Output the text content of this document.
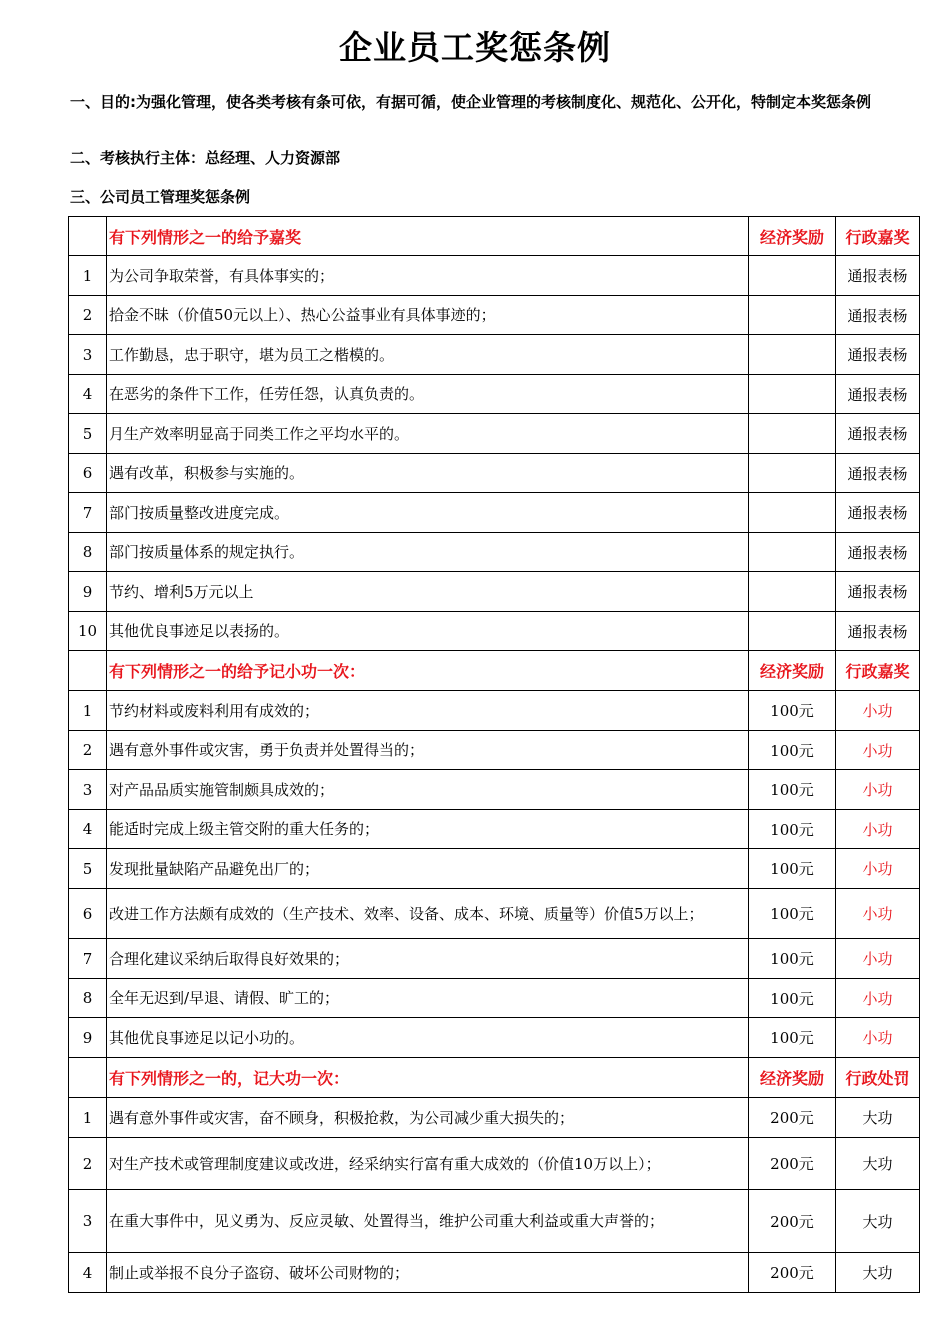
企业员工奖惩条例
一、目的:为强化管理，使各类考核有条可依，有据可循，使企业管理的考核制度化、规范化、公开化，特制定本奖惩条例
二、考核执行主体：总经理、人力资源部
三、公司员工管理奖惩条例
	有下列情形之一的给予嘉奖	经济奖励	行政嘉奖
1	为公司争取荣誉，有具体事实的；		通报表杨
2	拾金不昧（价值50元以上）、热心公益事业有具体事迹的；		通报表杨
3	工作勤恳，忠于职守，堪为员工之楷模的。		通报表杨
4	在恶劣的条件下工作，任劳任怨，认真负责的。		通报表杨
5	月生产效率明显高于同类工作之平均水平的。		通报表杨
6	遇有改革，积极参与实施的。		通报表杨
7	部门按质量整改进度完成。		通报表杨
8	部门按质量体系的规定执行。		通报表杨
9	节约、增利5万元以上		通报表杨
10	其他优良事迹足以表扬的。		通报表杨
	有下列情形之一的给予记小功一次：	经济奖励	行政嘉奖
1	节约材料或废料利用有成效的；	100元	小功
2	遇有意外事件或灾害，勇于负责并处置得当的；	100元	小功
3	对产品品质实施管制颇具成效的；	100元	小功
4	能适时完成上级主管交附的重大任务的；	100元	小功
5	发现批量缺陷产品避免出厂的；	100元	小功
6	改进工作方法颇有成效的（生产技术、效率、设备、成本、环境、质量等）价值5万以上；	100元	小功
7	合理化建议采纳后取得良好效果的；	100元	小功
8	全年无迟到/早退、请假、旷工的；	100元	小功
9	其他优良事迹足以记小功的。	100元	小功
	有下列情形之一的，记大功一次：	经济奖励	行政处罚
1	遇有意外事件或灾害，奋不顾身，积极抢救，为公司减少重大损失的；	200元	大功
2	对生产技术或管理制度建议或改进，经采纳实行富有重大成效的（价值10万以上）；	200元	大功
3	在重大事件中，见义勇为、反应灵敏、处置得当，维护公司重大利益或重大声誉的；	200元	大功
4	制止或举报不良分子盗窃、破坏公司财物的；	200元	大功
